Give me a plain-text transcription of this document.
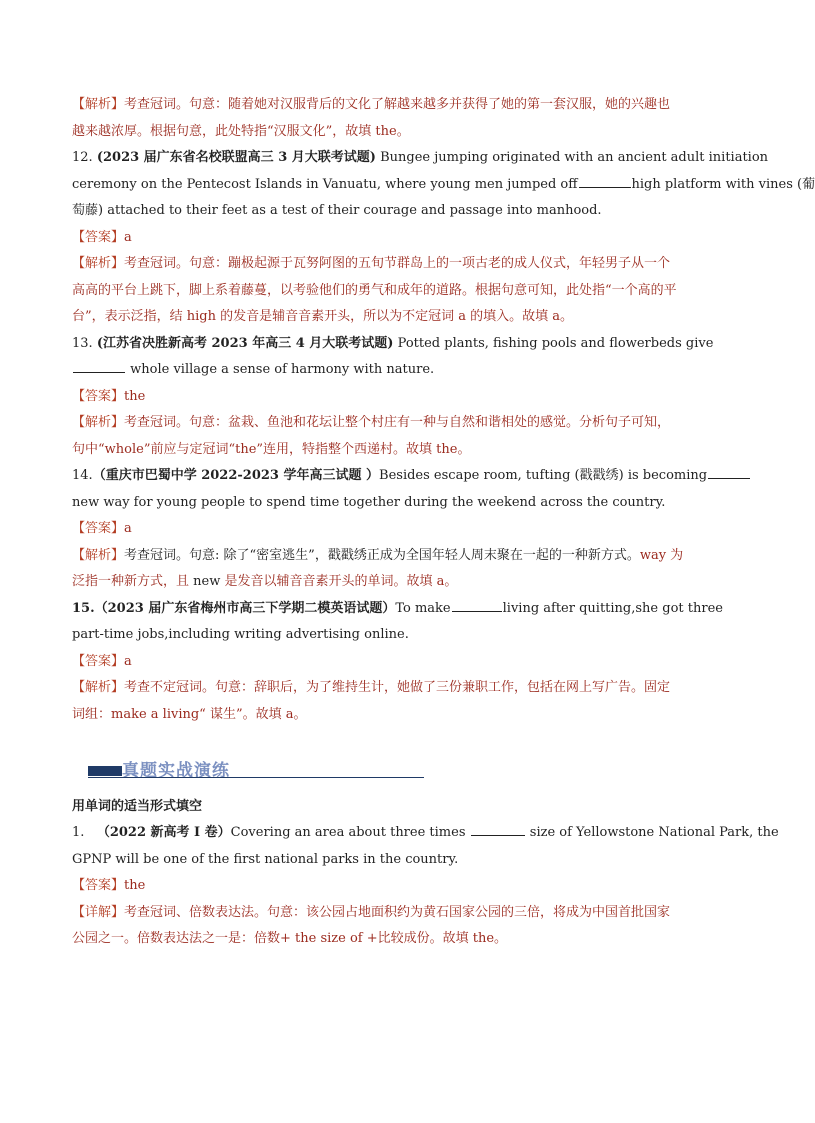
【解析】考查冠词。句意：随着她对汉服背后的文化了解越来越多并获得了她的第一套汉服，她的兴趣也
越来越浓厚。根据句意，此处特指“汉服文化”，故填 the。
12. (2023 届广东省名校联盟高三 3 月大联考试题) Bungee jumping originated with an ancient adult initiation
ceremony on the Pentecost Islands in Vanuatu, where young men jumped off	high platform with vines (葡
萄藤) attached to their feet as a test of their courage and passage into manhood.
【答案】a
【解析】考查冠词。句意：蹦极起源于瓦努阿图的五旬节群岛上的一项古老的成人仪式，年轻男子从一个
高高的平台上跳下，脚上系着藤蔓，以考验他们的勇气和成年的道路。根据句意可知，此处指“一个高的平
台”，表示泛指，结 high 的发音是辅音音素开头，所以为不定冠词 a 的填入。故填 a。
13. (江苏省决胜新高考 2023 年高三 4 月大联考试题) Potted plants, fishing pools and flowerbeds give
whole village a sense of harmony with nature.
【答案】the
【解析】考查冠词。句意：盆栽、鱼池和花坛让整个村庄有一种与自然和谐相处的感觉。分析句子可知，
句中“whole”前应与定冠词“the”连用，特指整个西递村。故填 the。
14.（重庆市巴蜀中学 2022-2023 学年高三试题 ）Besides escape room, tufting (戳戳绣) is becoming
new way for young people to spend time together during the weekend across the country.
【答案】a
【解析】考查冠词。句意: 除了“密室逃生”，戳戳绣正成为全国年轻人周末聚在一起的一种新方式。way 为
泛指一种新方式，且 new 是发音以辅音音素开头的单词。故填 a。
15.（2023 届广东省梅州市高三下学期二模英语试题）To make	living after quitting,she got three
part-time jobs,including writing advertising online.
【答案】a
【解析】考查不定冠词。句意：辞职后，为了维持生计，她做了三份兼职工作，包括在网上写广告。固定
词组：make a living“ 谋生”。故填 a。
真题实战演练
用单词的适当形式填空
1. （2022 新高考 I 卷）Covering an area about three times	size of Yellowstone National Park, the
GPNP will be one of the first national parks in the country.
【答案】the
【详解】考查冠词、倍数表达法。句意：该公园占地面积约为黄石国家公园的三倍，将成为中国首批国家
公园之一。倍数表达法之一是：倍数+ the size of +比较成份。故填 the。
